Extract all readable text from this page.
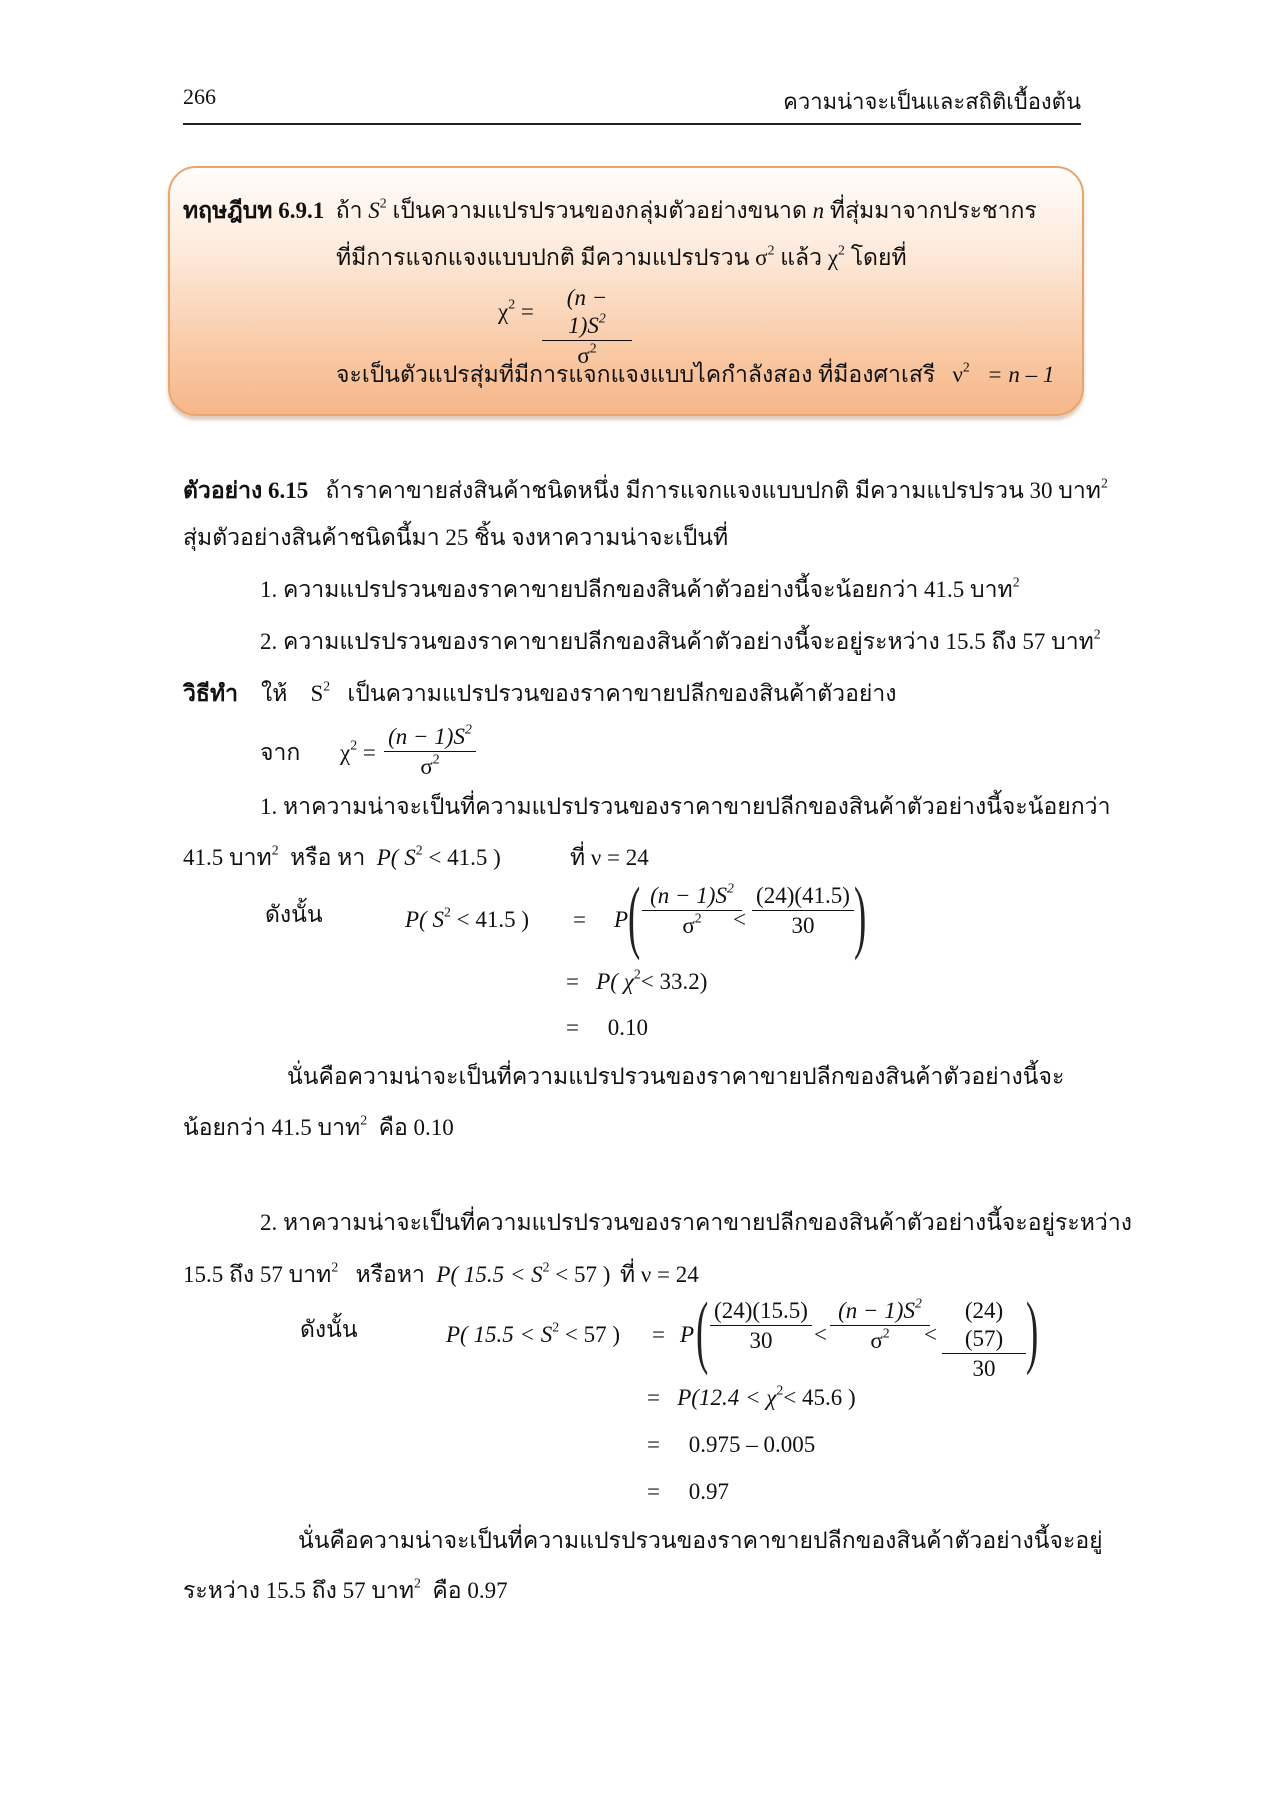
266	ความน่าจะเป็นและสถิติเบื้องต้น
ทฤษฎีบท 6.9.1 ถ้า $S^2$ เป็นความแปรปรวนของกลุ่มตัวอย่างขนาด n ที่สุ่มมาจากประชากร
ที่มีการแจกแจงแบบปกติ มีความแปรปรวน $\sigma^2$ แล้ว $\chi^2$ โดยที่
$\chi^2$ =
$(n - 1)S^2$
$\sigma^2$
จะเป็นตัวแปรสุ่มที่มีการแจกแจงแบบไคกำลังสอง ที่มีองศาเสรี $\nu^2 = n - 1$
ตัวอย่าง 6.15 ถ้าราคาขายส่งสินค้าชนิดหนึ่ง มีการแจกแจงแบบปกติ มีความแปรปรวน 30 บาท$^2$
สุ่มตัวอย่างสินค้าชนิดนี้มา 25 ชิ้น จงหาความน่าจะเป็นที่
1. ความแปรปรวนของราคาขายปลีกของสินค้าตัวอย่างนี้จะน้อยกว่า 41.5 บาท$^2$
2. ความแปรปรวนของราคาขายปลีกของสินค้าตัวอย่างนี้จะอยู่ระหว่าง 15.5 ถึง 57 บาท$^2$
วิธีทำ ให้ $S^2$ เป็นความแปรปรวนของราคาขายปลีกของสินค้าตัวอย่าง
จาก $\chi^2$ =
$(n - 1)S^2$
$\sigma^2$
1. หาความน่าจะเป็นที่ความแปรปรวนของราคาขายปลีกของสินค้าตัวอย่างนี้จะน้อยกว่า
41.5 บาท$^2$ หรือ หา P( $S^2 < 41.5$ )	ที่ ν = 24
ดังนั้น	P( $S^2 < 41.5$ ) = P ( $(n - 1)S^2$
$\sigma^2$	<
(24)(41.5)
30 )
= P( $\chi^2< 33.2$)
= 0.10
นั่นคือความน่าจะเป็นที่ความแปรปรวนของราคาขายปลีกของสินค้าตัวอย่างนี้จะ
น้อยกว่า 41.5 บาท$^2$ คือ 0.10
2. หาความน่าจะเป็นที่ความแปรปรวนของราคาขายปลีกของสินค้าตัวอย่างนี้จะอยู่ระหว่าง
15.5 ถึง 57 บาท$^2$ หรือหา P( $15.5 < S^2 < 57$ ) ที่ ν = 24
ดังนั้น	P( $15.5 < S^2 < 57$ ) = P ( (24)(15.5)
30	<
$(n - 1)S^2$
$\sigma^2$	<
(24)(57)
30 )
= $P(12.4 < \chi^2< 45.6$ )
= 0.975 – 0.005
= 0.97
นั่นคือความน่าจะเป็นที่ความแปรปรวนของราคาขายปลีกของสินค้าตัวอย่างนี้จะอยู่
ระหว่าง 15.5 ถึง 57 บาท$^2$ คือ 0.97
